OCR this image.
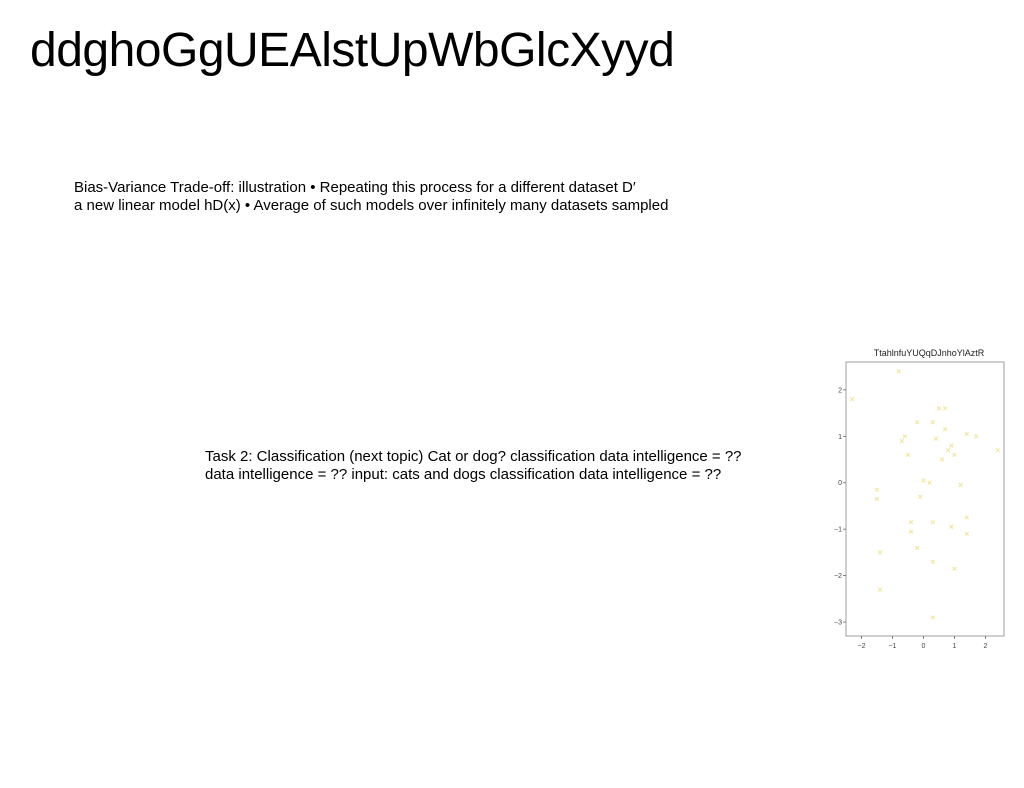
ddghoGgUEAlstUpWbGlcXyyd
Bias-Variance Trade-off: illustration • Repeating this process for a different dataset D′
a new linear model hD(x) • Average of such models over infinitely many datasets sampled
Task 2: Classification (next topic) Cat or dog? classification data intelligence = ??
data intelligence = ?? input: cats and dogs classification data intelligence = ??
TtahlnfuYUQqDJnhoYlAztR
−2	−1	0	1	2
−3
−2
−1
0
1
2
